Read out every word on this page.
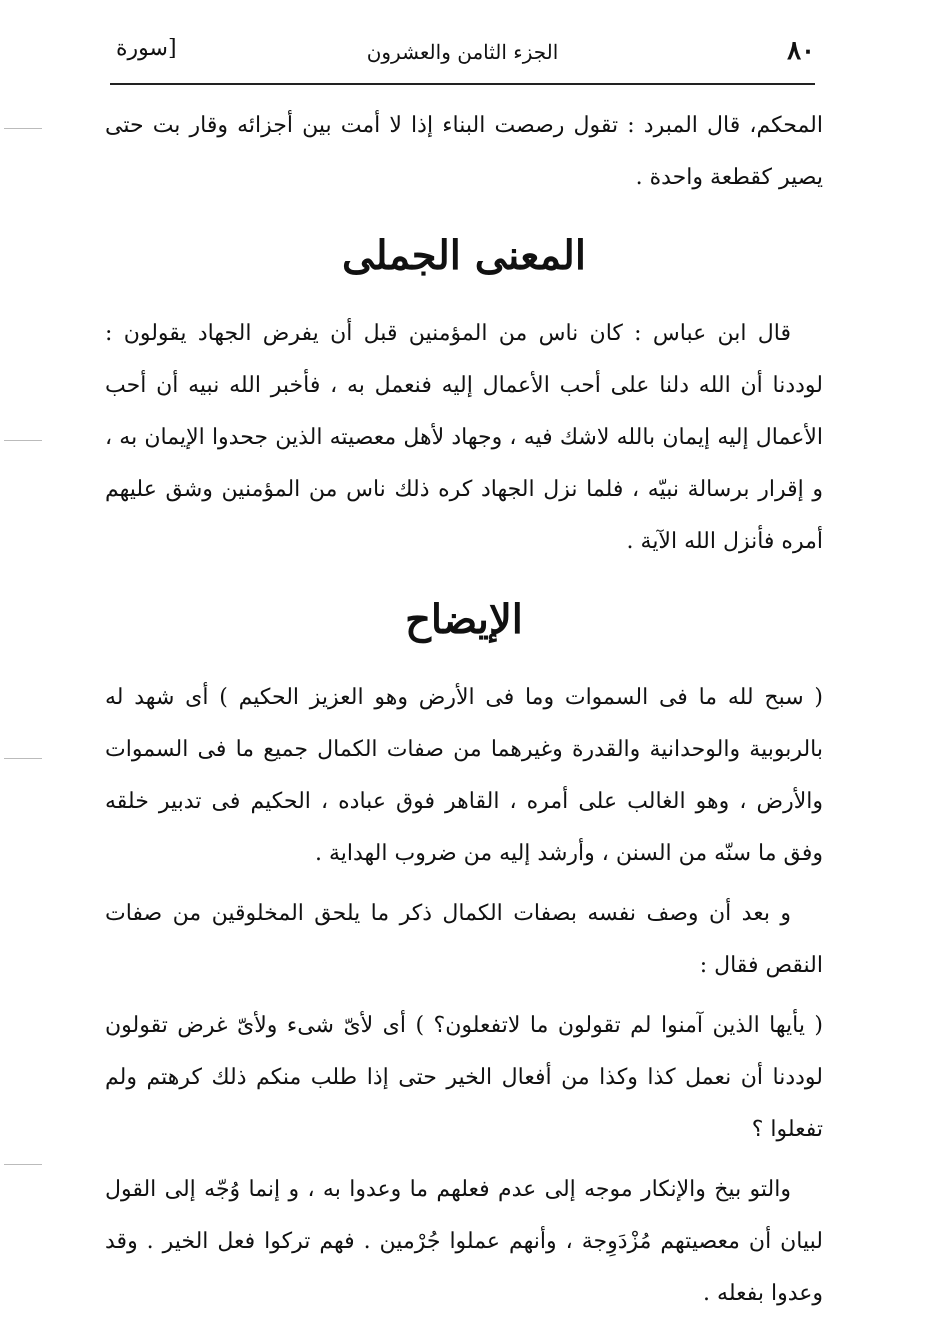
٨٠
الجزء الثامن والعشرون
[سورة

المحكم، قال المبرد : تقول رصصت البناء إذا لا أمت بين أجزائه وقار بت حتى يصير كقطعة واحدة .

المعنى الجملى

قال ابن عباس : كان ناس من المؤمنين قبل أن يفرض الجهاد يقولون : لوددنا أن الله دلنا على أحب الأعمال إليه فنعمل به ، فأخبر الله نبيه أن أحب الأعمال إليه إيمان بالله لاشك فيه ، وجهاد لأهل معصيته الذين جحدوا الإيمان به ، و إقرار برسالة نبيّه ، فلما نزل الجهاد كره ذلك ناس من المؤمنين وشق عليهم أمره فأنزل الله الآية .

الإيضاح

( سبح لله ما فى السموات وما فى الأرض وهو العزيز الحكيم ) أى شهد له بالربوبية والوحدانية والقدرة وغيرهما من صفات الكمال جميع ما فى السموات والأرض ، وهو الغالب على أمره ، القاهر فوق عباده ، الحكيم فى تدبير خلقه وفق ما سنّه من السنن ، وأرشد إليه من ضروب الهداية .

و بعد أن وصف نفسه بصفات الكمال ذكر ما يلحق المخلوقين من صفات النقص فقال :

( يأيها الذين آمنوا لم تقولون ما لاتفعلون؟ ) أى لأىّ شىء ولأىّ غرض تقولون لوددنا أن نعمل كذا وكذا من أفعال الخير حتى إذا طلب منكم ذلك كرهتم ولم تفعلوا ؟

والتو بيخ والإنكار موجه إلى عدم فعلهم ما وعدوا به ، و إنما وُجّه إلى القول لبيان أن معصيتهم مُزْدَوِجة ، وأنهم عملوا جُرْمين . فهم تركوا فعل الخير . وقد وعدوا بفعله .
